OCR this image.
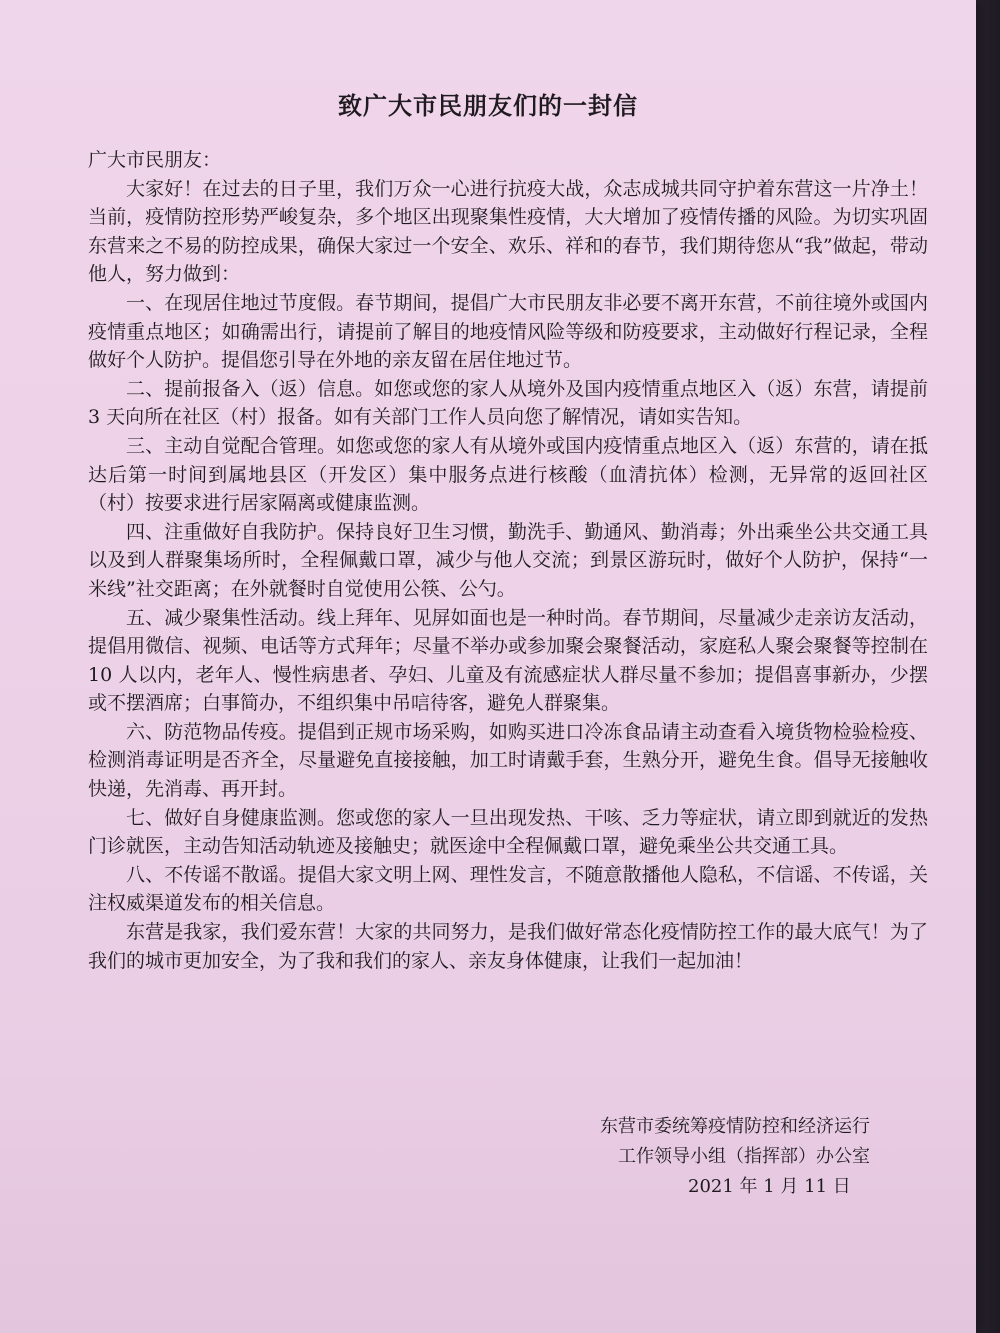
致广大市民朋友们的一封信

广大市民朋友：

大家好！在过去的日子里，我们万众一心进行抗疫大战，众志成城共同守护着东营这一片净土！当前，疫情防控形势严峻复杂，多个地区出现聚集性疫情，大大增加了疫情传播的风险。为切实巩固东营来之不易的防控成果，确保大家过一个安全、欢乐、祥和的春节，我们期待您从“我”做起，带动他人，努力做到：

一、在现居住地过节度假。春节期间，提倡广大市民朋友非必要不离开东营，不前往境外或国内疫情重点地区；如确需出行，请提前了解目的地疫情风险等级和防疫要求，主动做好行程记录，全程做好个人防护。提倡您引导在外地的亲友留在居住地过节。

二、提前报备入（返）信息。如您或您的家人从境外及国内疫情重点地区入（返）东营，请提前 3 天向所在社区（村）报备。如有关部门工作人员向您了解情况，请如实告知。

三、主动自觉配合管理。如您或您的家人有从境外或国内疫情重点地区入（返）东营的，请在抵达后第一时间到属地县区（开发区）集中服务点进行核酸（血清抗体）检测，无异常的返回社区（村）按要求进行居家隔离或健康监测。

四、注重做好自我防护。保持良好卫生习惯，勤洗手、勤通风、勤消毒；外出乘坐公共交通工具以及到人群聚集场所时，全程佩戴口罩，减少与他人交流；到景区游玩时，做好个人防护，保持“一米线”社交距离；在外就餐时自觉使用公筷、公勺。

五、减少聚集性活动。线上拜年、见屏如面也是一种时尚。春节期间，尽量减少走亲访友活动，提倡用微信、视频、电话等方式拜年；尽量不举办或参加聚会聚餐活动，家庭私人聚会聚餐等控制在 10 人以内，老年人、慢性病患者、孕妇、儿童及有流感症状人群尽量不参加；提倡喜事新办，少摆或不摆酒席；白事简办，不组织集中吊唁待客，避免人群聚集。

六、防范物品传疫。提倡到正规市场采购，如购买进口冷冻食品请主动查看入境货物检验检疫、检测消毒证明是否齐全，尽量避免直接接触，加工时请戴手套，生熟分开，避免生食。倡导无接触收快递，先消毒、再开封。

七、做好自身健康监测。您或您的家人一旦出现发热、干咳、乏力等症状，请立即到就近的发热门诊就医，主动告知活动轨迹及接触史；就医途中全程佩戴口罩，避免乘坐公共交通工具。

八、不传谣不散谣。提倡大家文明上网、理性发言，不随意散播他人隐私，不信谣、不传谣，关注权威渠道发布的相关信息。

东营是我家，我们爱东营！大家的共同努力，是我们做好常态化疫情防控工作的最大底气！为了我们的城市更加安全，为了我和我们的家人、亲友身体健康，让我们一起加油！

东营市委统筹疫情防控和经济运行
工作领导小组（指挥部）办公室
2021 年 1 月 11 日
